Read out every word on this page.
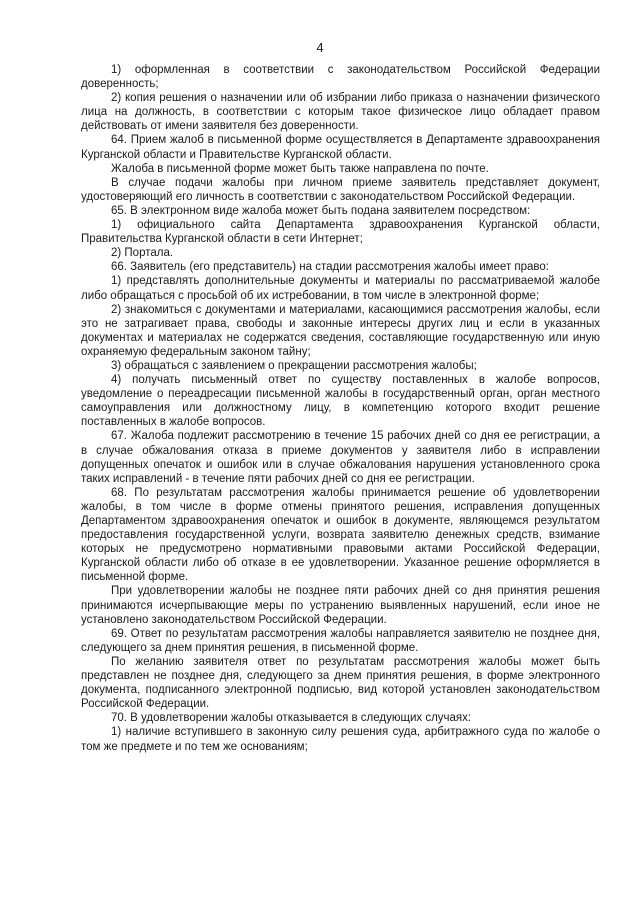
4

1) оформленная в соответствии с законодательством Российской Федерации доверенность;

2) копия решения о назначении или об избрании либо приказа о назначении физического лица на должность, в соответствии с которым такое физическое лицо обладает правом действовать от имени заявителя без доверенности.

64. Прием жалоб в письменной форме осуществляется в Департаменте здравоохранения Курганской области и Правительстве Курганской области.

Жалоба в письменной форме может быть также направлена по почте.

В случае подачи жалобы при личном приеме заявитель представляет документ, удостоверяющий его личность в соответствии с законодательством Российской Федерации.

65. В электронном виде жалоба может быть подана заявителем посредством:

1) официального сайта Департамента здравоохранения Курганской области, Правительства Курганской области в сети Интернет;

2) Портала.

66. Заявитель (его представитель) на стадии рассмотрения жалобы имеет право:

1) представлять дополнительные документы и материалы по рассматриваемой жалобе либо обращаться с просьбой об их истребовании, в том числе в электронной форме;

2) знакомиться с документами и материалами, касающимися рассмотрения жалобы, если это не затрагивает права, свободы и законные интересы других лиц и если в указанных документах и материалах не содержатся сведения, составляющие государственную или иную охраняемую федеральным законом тайну;

3) обращаться с заявлением о прекращении рассмотрения жалобы;

4) получать письменный ответ по существу поставленных в жалобе вопросов, уведомление о переадресации письменной жалобы в государственный орган, орган местного самоуправления или должностному лицу, в компетенцию которого входит решение поставленных в жалобе вопросов.

67. Жалоба подлежит рассмотрению в течение 15 рабочих дней со дня ее регистрации, а в случае обжалования отказа в приеме документов у заявителя либо в исправлении допущенных опечаток и ошибок или в случае обжалования нарушения установленного срока таких исправлений - в течение пяти рабочих дней со дня ее регистрации.

68. По результатам рассмотрения жалобы принимается решение об удовлетворении жалобы, в том числе в форме отмены принятого решения, исправления допущенных Департаментом здравоохранения опечаток и ошибок в документе, являющемся результатом предоставления государственной услуги, возврата заявителю денежных средств, взимание которых не предусмотрено нормативными правовыми актами Российской Федерации, Курганской области либо об отказе в ее удовлетворении. Указанное решение оформляется в письменной форме.

При удовлетворении жалобы не позднее пяти рабочих дней со дня принятия решения принимаются исчерпывающие меры по устранению выявленных нарушений, если иное не установлено законодательством Российской Федерации.

69. Ответ по результатам рассмотрения жалобы направляется заявителю не позднее дня, следующего за днем принятия решения, в письменной форме.

По желанию заявителя ответ по результатам рассмотрения жалобы может быть представлен не позднее дня, следующего за днем принятия решения, в форме электронного документа, подписанного электронной подписью, вид которой установлен законодательством Российской Федерации.

70. В удовлетворении жалобы отказывается в следующих случаях:

1) наличие вступившего в законную силу решения суда, арбитражного суда по жалобе о том же предмете и по тем же основаниям;
